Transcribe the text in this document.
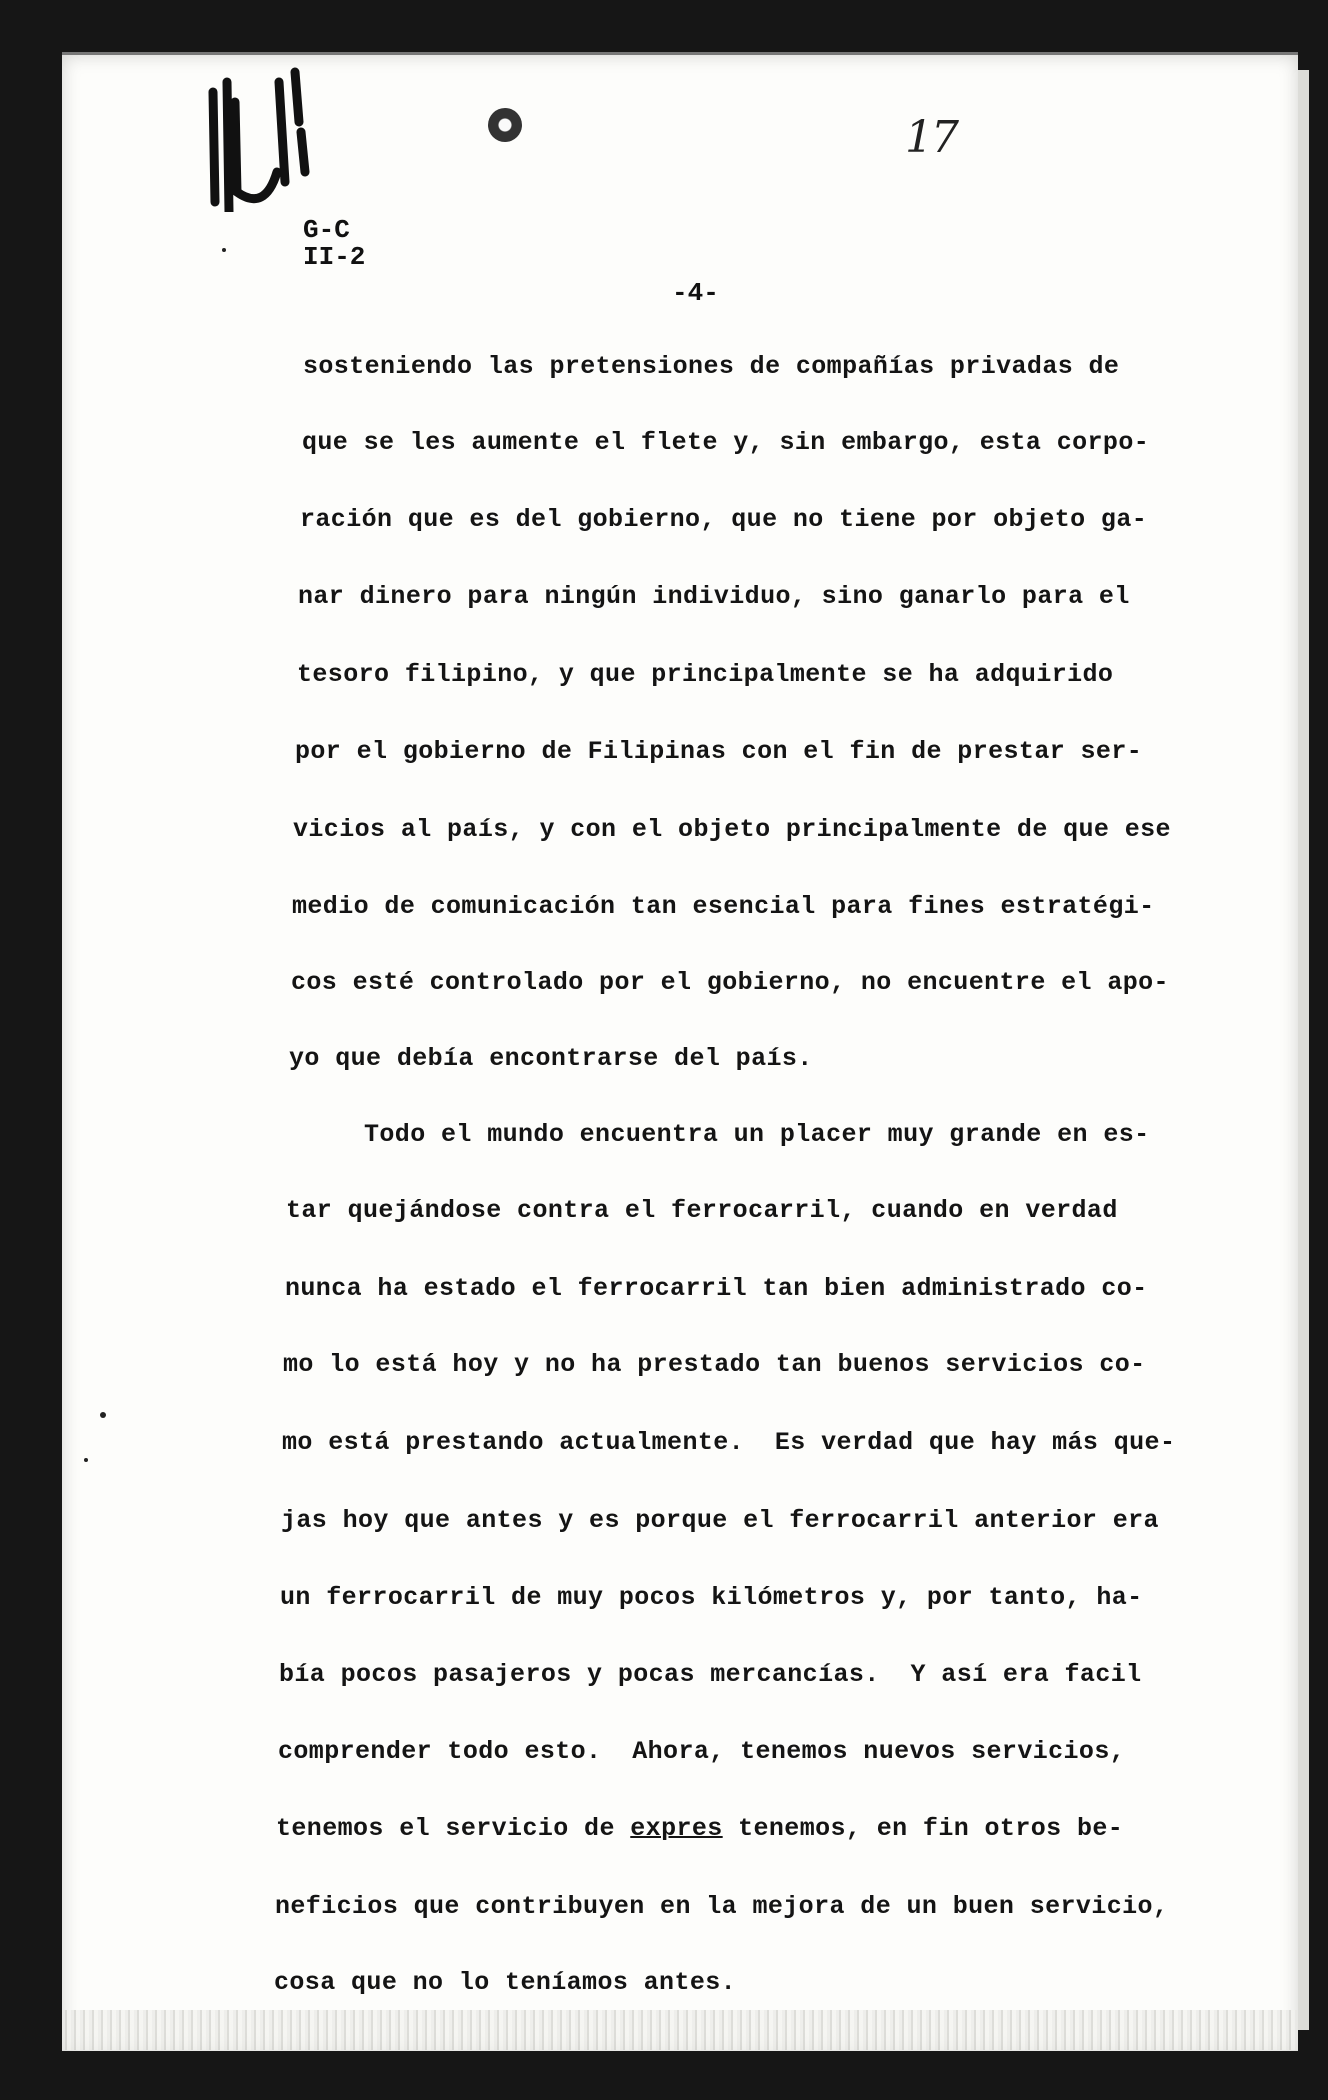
17
G-C
II-2
-4-
sosteniendo las pretensiones de compañías privadas de
que se les aumente el flete y, sin embargo, esta corpo-
ración que es del gobierno, que no tiene por objeto ga-
nar dinero para ningún individuo, sino ganarlo para el
tesoro filipino, y que principalmente se ha adquirido
por el gobierno de Filipinas con el fin de prestar ser-
vicios al país, y con el objeto principalmente de que ese
medio de comunicación tan esencial para fines estratégi-
cos esté controlado por el gobierno, no encuentre el apo-
yo que debía encontrarse del país.
Todo el mundo encuentra un placer muy grande en es-
tar quejándose contra el ferrocarril, cuando en verdad
nunca ha estado el ferrocarril tan bien administrado co-
mo lo está hoy y no ha prestado tan buenos servicios co-
mo está prestando actualmente.  Es verdad que hay más que-
jas hoy que antes y es porque el ferrocarril anterior era
un ferrocarril de muy pocos kilómetros y, por tanto, ha-
bía pocos pasajeros y pocas mercancías.  Y así era facil
comprender todo esto.  Ahora, tenemos nuevos servicios,
tenemos el servicio de expres tenemos, en fin otros be-
neficios que contribuyen en la mejora de un buen servicio,
cosa que no lo teníamos antes.
